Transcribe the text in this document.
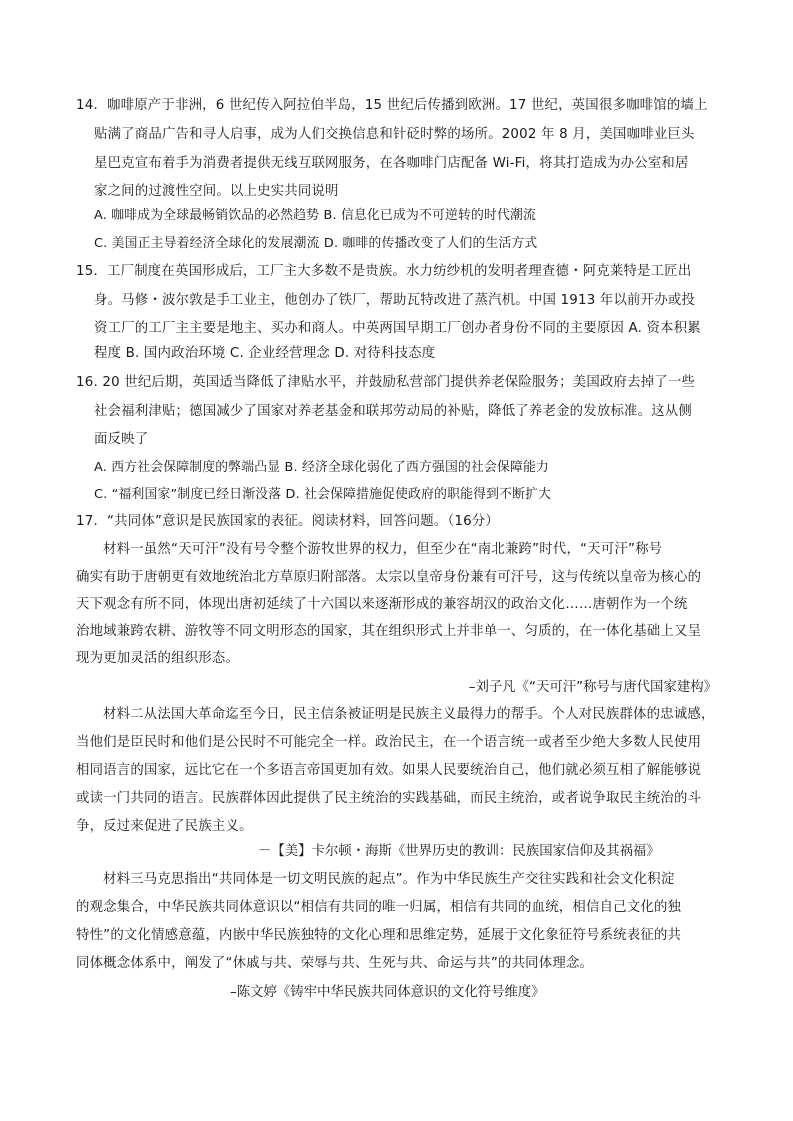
14．咖啡原产于非洲，6 世纪传入阿拉伯半岛，15 世纪后传播到欧洲。17 世纪，英国很多咖啡馆的墙上
贴满了商品广告和寻人启事，成为人们交换信息和针砭时弊的场所。2002 年 8 月，美国咖啡业巨头
星巴克宣布着手为消费者提供无线互联网服务，在各咖啡门店配备 Wi-Fi，将其打造成为办公室和居
家之间的过渡性空间。以上史实共同说明
A. 咖啡成为全球最畅销饮品的必然趋势 B. 信息化已成为不可逆转的时代潮流
C. 美国正主导着经济全球化的发展潮流 D. 咖啡的传播改变了人们的生活方式
15．工厂制度在英国形成后，工厂主大多数不是贵族。水力纺纱机的发明者理查德・阿克莱特是工匠出
身。马修・波尔敦是手工业主，他创办了铁厂，帮助瓦特改进了蒸汽机。中国 1913 年以前开办或投
资工厂的工厂主主要是地主、买办和商人。中英两国早期工厂创办者身份不同的主要原因 A. 资本积累
程度 B. 国内政治环境 C. 企业经营理念 D. 对待科技态度
16. 20 世纪后期，英国适当降低了津贴水平，并鼓励私营部门提供养老保险服务；美国政府去掉了一些
社会福利津贴；德国减少了国家对养老基金和联邦劳动局的补贴，降低了养老金的发放标准。这从侧
面反映了
A. 西方社会保障制度的弊端凸显 B. 经济全球化弱化了西方强国的社会保障能力
C. “福利国家”制度已经日渐没落 D. 社会保障措施促使政府的职能得到不断扩大
17．“共同体”意识是民族国家的表征。阅读材料，回答问题。（16分）
材料一虽然“天可汗”没有号令整个游牧世界的权力，但至少在“南北兼跨”时代，“天可汗”称号
确实有助于唐朝更有效地统治北方草原归附部落。太宗以皇帝身份兼有可汗号，这与传统以皇帝为核心的
天下观念有所不同，体现出唐初延续了十六国以来逐渐形成的兼容胡汉的政治文化……唐朝作为一个统
治地域兼跨农耕、游牧等不同文明形态的国家，其在组织形式上并非单一、匀质的，在一体化基础上又呈
现为更加灵活的组织形态。
–刘子凡《“天可汗”称号与唐代国家建构》
材料二从法国大革命迄至今日，民主信条被证明是民族主义最得力的帮手。个人对民族群体的忠诚感，
当他们是臣民时和他们是公民时不可能完全一样。政治民主，在一个语言统一或者至少绝大多数人民使用
相同语言的国家，远比它在一个多语言帝国更加有效。如果人民要统治自己，他们就必须互相了解能够说
或读一门共同的语言。民族群体因此提供了民主统治的实践基础，而民主统治，或者说争取民主统治的斗
争，反过来促进了民族主义。
－【美】卡尔顿・海斯《世界历史的教训：民族国家信仰及其祸福》
材料三马克思指出“共同体是一切文明民族的起点”。作为中华民族生产交往实践和社会文化积淀
的观念集合，中华民族共同体意识以“相信有共同的唯一归属，相信有共同的血统，相信自己文化的独
特性”的文化情感意蕴，内嵌中华民族独特的文化心理和思维定势，延展于文化象征符号系统表征的共
同体概念体系中，阐发了“休戚与共、荣辱与共、生死与共、命运与共”的共同体理念。
–陈文婷《铸牢中华民族共同体意识的文化符号维度》
